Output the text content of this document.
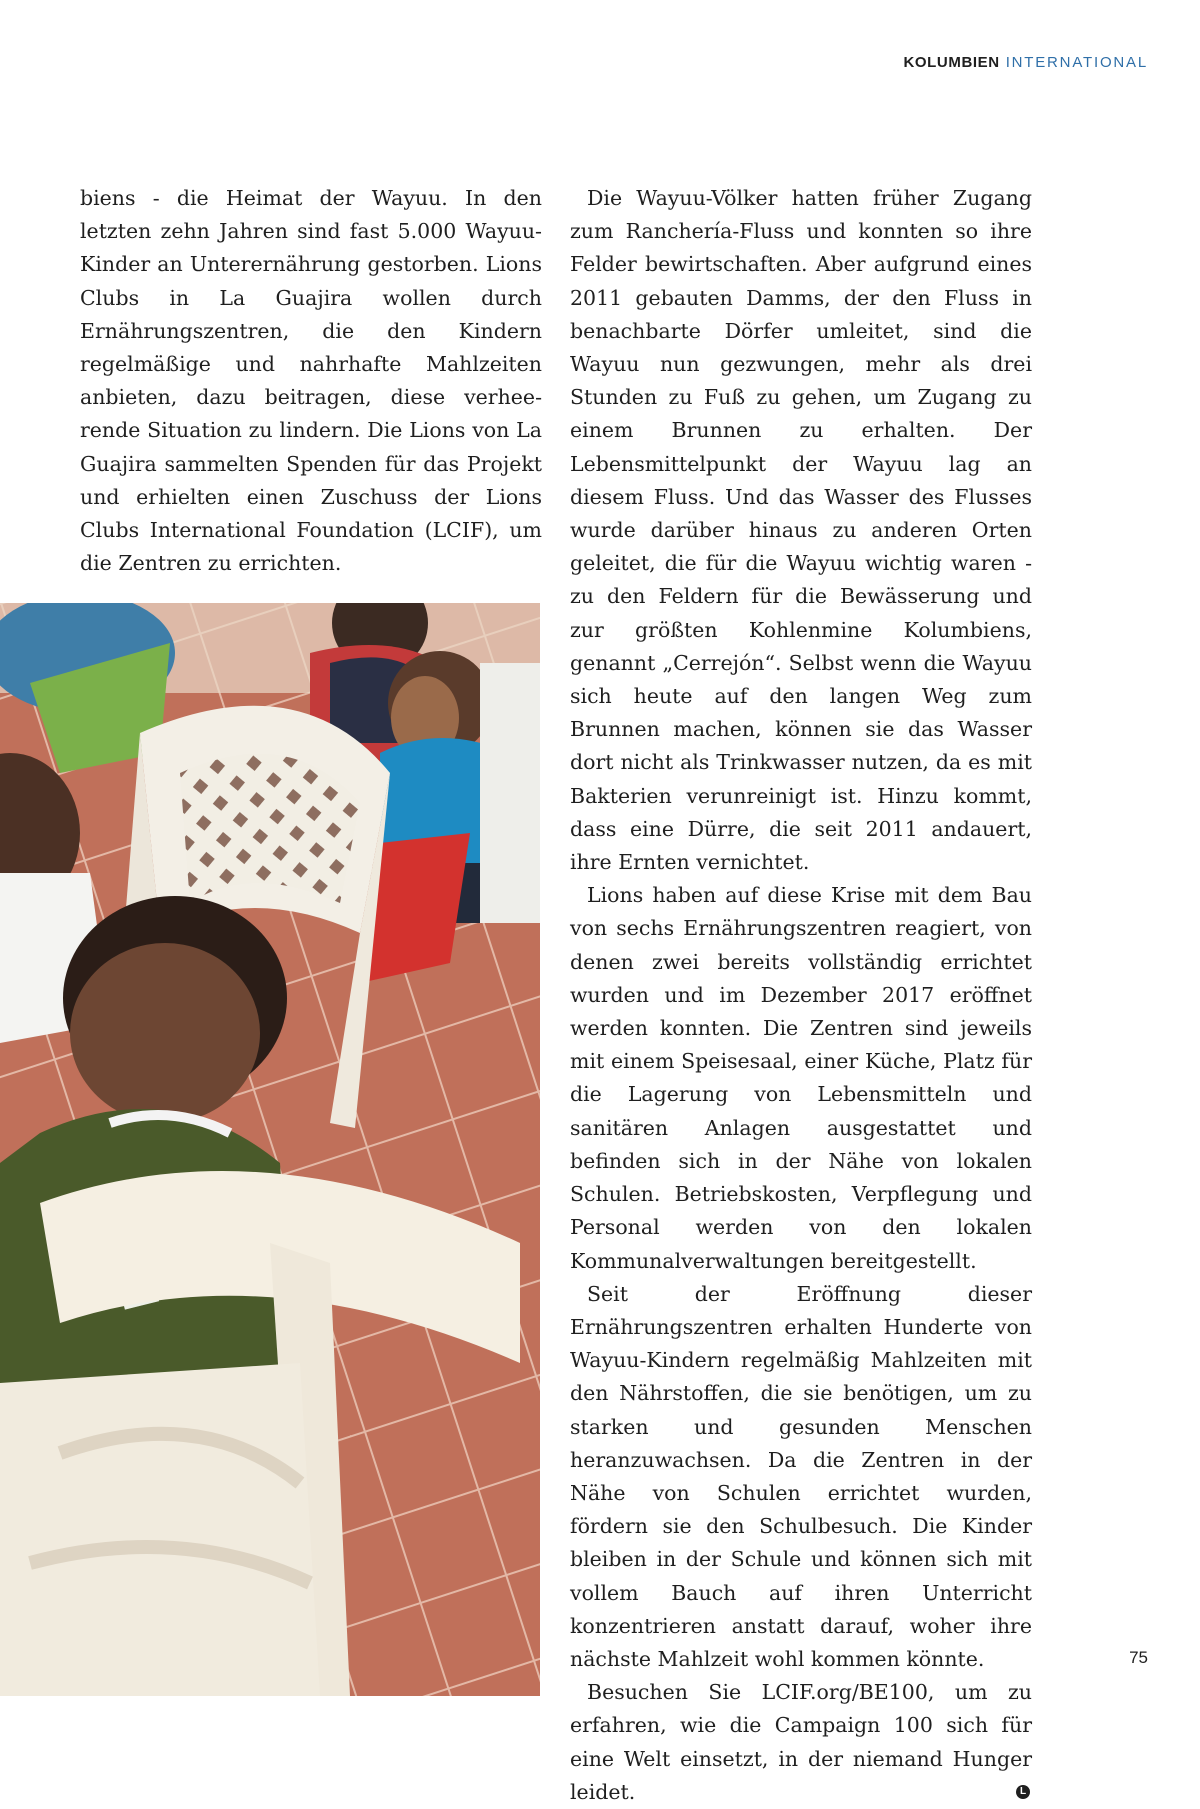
KOLUMBIEN INTERNATIONAL

biens - die Heimat der Wayuu. In den letzten zehn Jahren sind fast 5.000 Wayuu-Kinder an Unterernährung gestorben. Lions Clubs in La Guajira wollen durch Ernährungszentren, die den Kindern regelmäßige und nahrhafte Mahlzeiten anbieten, dazu beitragen, diese verheerende Situation zu lindern. Die Lions von La Guajira sammelten Spenden für das Projekt und erhielten einen Zuschuss der Lions Clubs International Foundation (LCIF), um die Zentren zu errichten.

Die Wayuu-Völker hatten früher Zugang zum Ranchería-Fluss und konnten so ihre Felder bewirtschaften. Aber aufgrund eines 2011 gebauten Damms, der den Fluss in benachbarte Dörfer umleitet, sind die Wayuu nun gezwungen, mehr als drei Stunden zu Fuß zu gehen, um Zugang zu einem Brunnen zu erhalten. Der Lebensmittelpunkt der Wayuu lag an diesem Fluss. Und das Wasser des Flusses wurde darüber hinaus zu anderen Orten geleitet, die für die Wayuu wichtig waren - zu den Feldern für die Bewässerung und zur größten Kohlenmine Kolumbiens, genannt „Cerrejón“. Selbst wenn die Wayuu sich heute auf den langen Weg zum Brunnen machen, können sie das Wasser dort nicht als Trinkwasser nutzen, da es mit Bakterien verunreinigt ist. Hinzu kommt, dass eine Dürre, die seit 2011 andauert, ihre Ernten vernichtet.

Lions haben auf diese Krise mit dem Bau von sechs Ernährungszentren reagiert, von denen zwei bereits vollständig errichtet wurden und im Dezember 2017 eröffnet werden konnten. Die Zentren sind jeweils mit einem Speisesaal, einer Küche, Platz für die Lagerung von Lebensmitteln und sanitären Anlagen ausgestattet und befinden sich in der Nähe von lokalen Schulen. Betriebskosten, Verpflegung und Personal werden von den lokalen Kommunalverwaltungen bereitgestellt.

Seit der Eröffnung dieser Ernährungszentren erhalten Hunderte von Wayuu-Kindern regelmäßig Mahlzeiten mit den Nährstoffen, die sie benötigen, um zu starken und gesunden Menschen heranzuwachsen. Da die Zentren in der Nähe von Schulen errichtet wurden, fördern sie den Schulbesuch. Die Kinder bleiben in der Schule und können sich mit vollem Bauch auf ihren Unterricht konzentrieren anstatt darauf, woher ihre nächste Mahlzeit wohl kommen könnte.

Besuchen Sie LCIF.org/BE100, um zu erfahren, wie die Campaign 100 sich für eine Welt einsetzt, in der niemand Hunger leidet.	L

75
